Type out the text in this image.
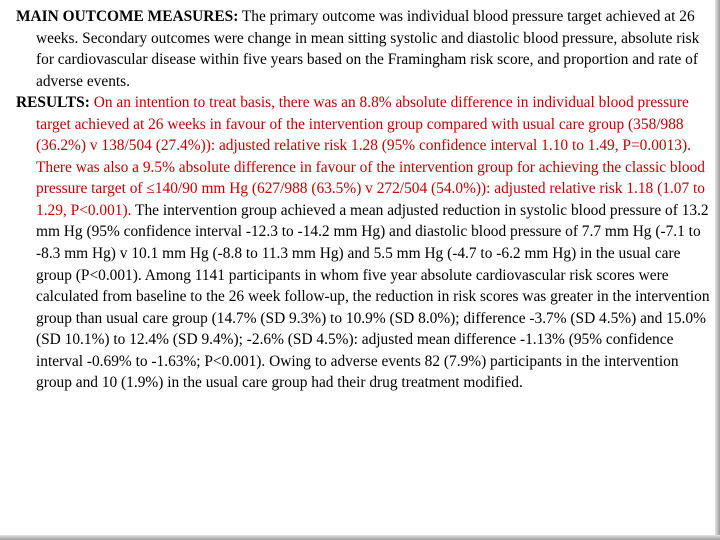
MAIN OUTCOME MEASURES: The primary outcome was individual blood pressure target achieved at 26 weeks. Secondary outcomes were change in mean sitting systolic and diastolic blood pressure, absolute risk for cardiovascular disease within five years based on the Framingham risk score, and proportion and rate of adverse events.

RESULTS: On an intention to treat basis, there was an 8.8% absolute difference in individual blood pressure target achieved at 26 weeks in favour of the intervention group compared with usual care group (358/988 (36.2%) v 138/504 (27.4%)): adjusted relative risk 1.28 (95% confidence interval 1.10 to 1.49, P=0.0013). There was also a 9.5% absolute difference in favour of the intervention group for achieving the classic blood pressure target of ≤140/90 mm Hg (627/988 (63.5%) v 272/504 (54.0%)): adjusted relative risk 1.18 (1.07 to 1.29, P<0.001). The intervention group achieved a mean adjusted reduction in systolic blood pressure of 13.2 mm Hg (95% confidence interval -12.3 to -14.2 mm Hg) and diastolic blood pressure of 7.7 mm Hg (-7.1 to -8.3 mm Hg) v 10.1 mm Hg (-8.8 to 11.3 mm Hg) and 5.5 mm Hg (-4.7 to -6.2 mm Hg) in the usual care group (P<0.001). Among 1141 participants in whom five year absolute cardiovascular risk scores were calculated from baseline to the 26 week follow-up, the reduction in risk scores was greater in the intervention group than usual care group (14.7% (SD 9.3%) to 10.9% (SD 8.0%); difference -3.7% (SD 4.5%) and 15.0% (SD 10.1%) to 12.4% (SD 9.4%); -2.6% (SD 4.5%): adjusted mean difference -1.13% (95% confidence interval -0.69% to -1.63%; P<0.001). Owing to adverse events 82 (7.9%) participants in the intervention group and 10 (1.9%) in the usual care group had their drug treatment modified.
